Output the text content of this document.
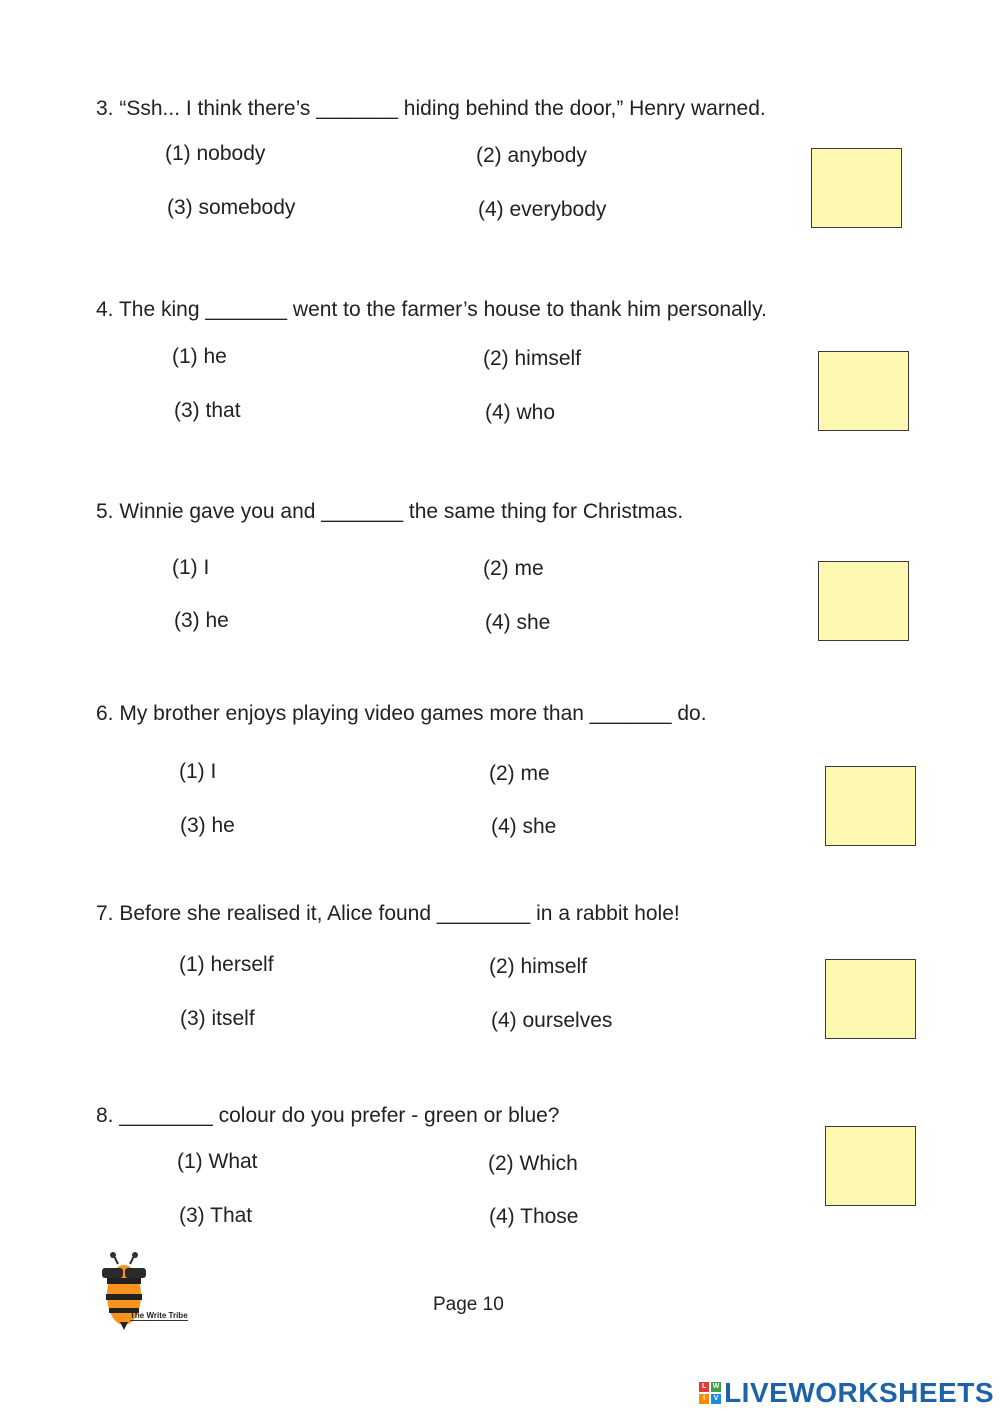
3. “Ssh... I think there’s _______ hiding behind the door,” Henry warned.
(1) nobody	(2) anybody
(3) somebody	(4) everybody
4. The king _______ went to the farmer’s house to thank him personally.
(1) he	(2) himself
(3) that	(4) who
5. Winnie gave you and _______ the same thing for Christmas.
(1) I	(2) me
(3) he	(4) she
6. My brother enjoys playing video games more than _______ do.
(1) I	(2) me
(3) he	(4) she
7. Before she realised it, Alice found ________ in a rabbit hole!
(1) herself	(2) himself
(3) itself	(4) ourselves
8. ________ colour do you prefer - green or blue?
(1) What	(2) Which
(3) That	(4) Those
The Write Tribe
Page 10
L W
I	V LIVEWORKSHEETS
